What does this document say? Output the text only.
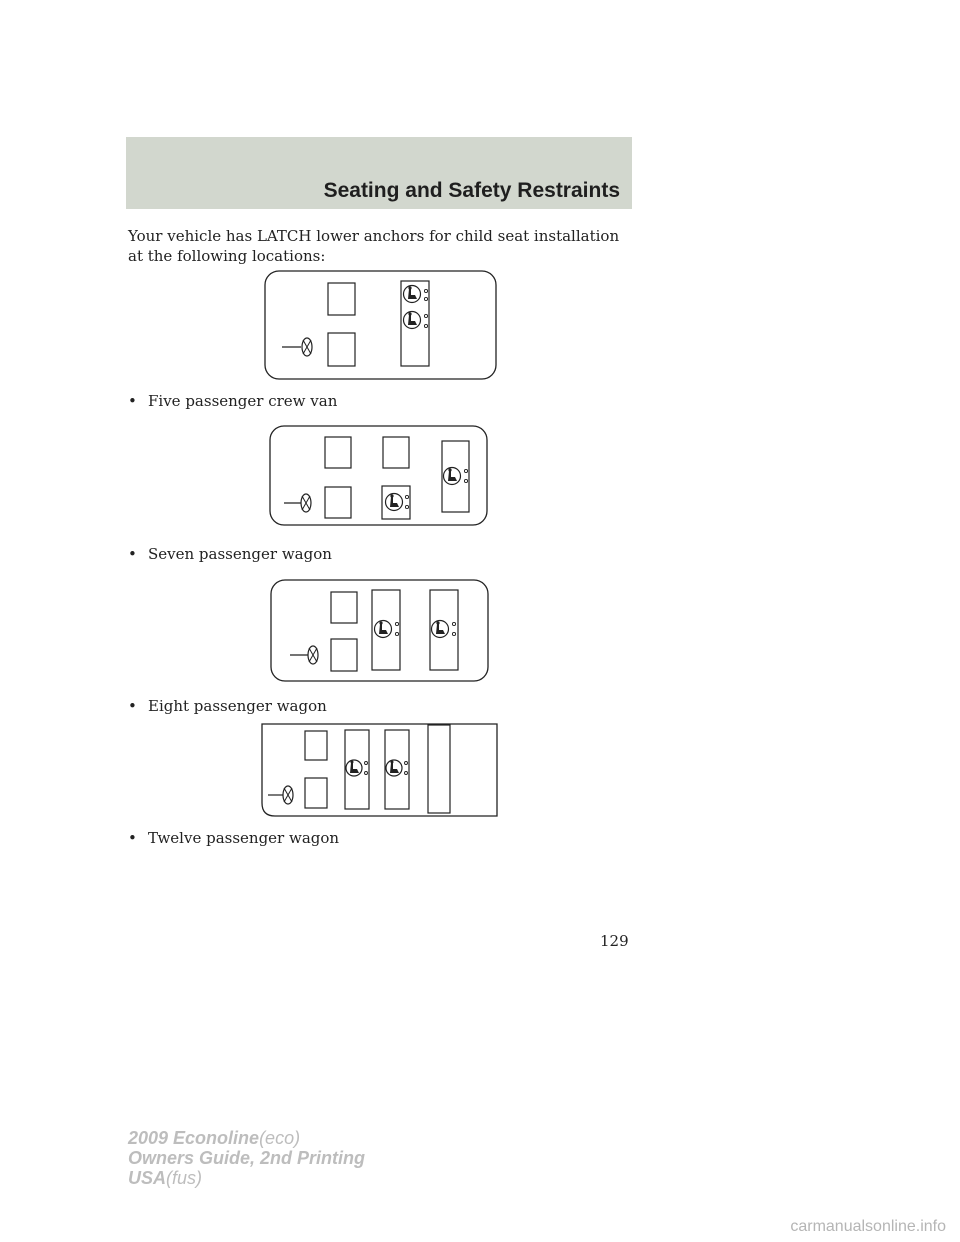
Seating and Safety Restraints
Your vehicle has LATCH lower anchors for child seat installation at the following locations:
• Five passenger crew van
• Seven passenger wagon
• Eight passenger wagon
• Twelve passenger wagon
129
2009 Econoline(eco)
Owners Guide, 2nd Printing
USA(fus)
carmanualsonline.info
